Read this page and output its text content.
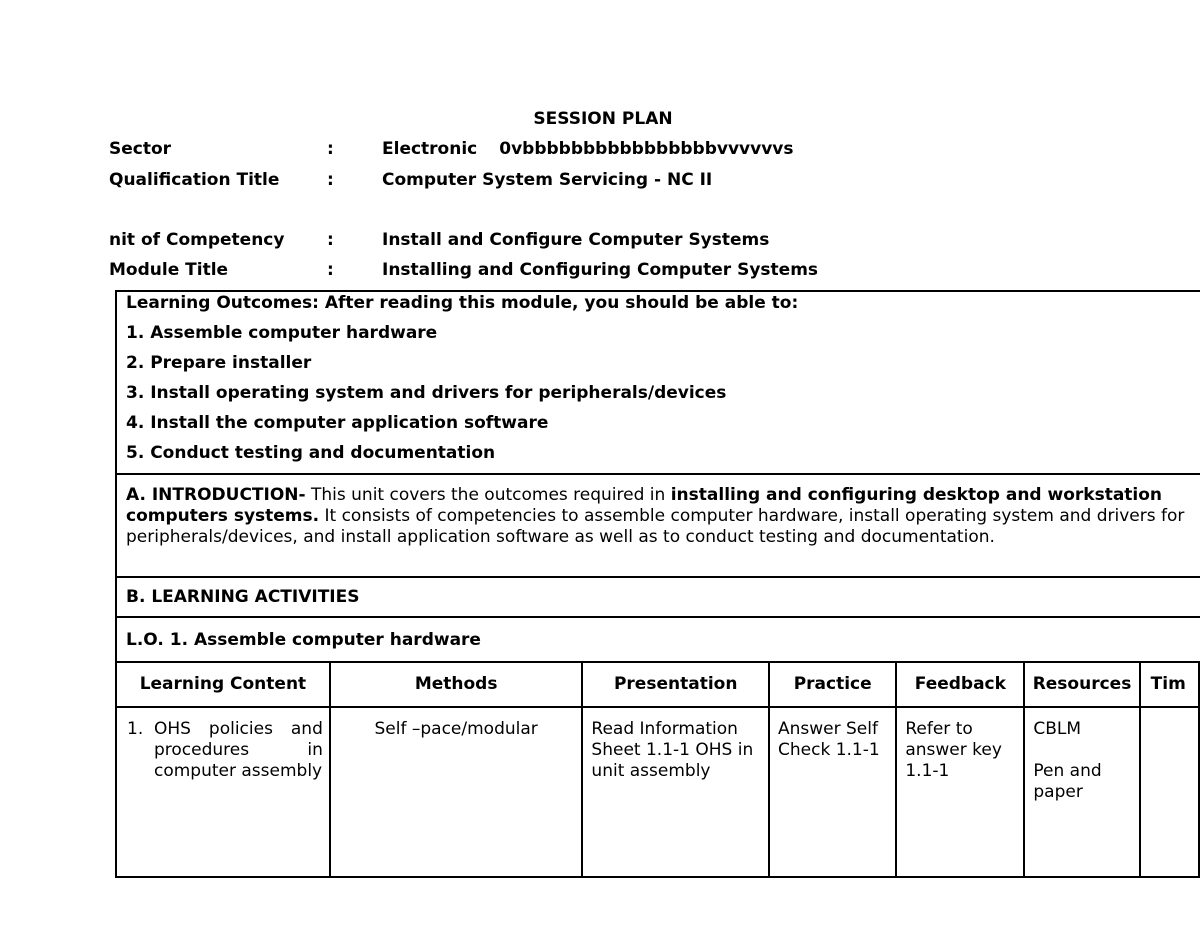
SESSION PLAN
Sector	:	Electronic 0vbbbbbbbbbbbbbbbbvvvvvvs
Qualification Title	:	Computer System Servicing - NC II
nit of Competency	:	Install and Configure Computer Systems
Module Title	:	Installing and Configuring Computer Systems
Learning Outcomes: After reading this module, you should be able to:
1. Assemble computer hardware
2. Prepare installer
3. Install operating system and drivers for peripherals/devices
4. Install the computer application software
5. Conduct testing and documentation
A. INTRODUCTION- This unit covers the outcomes required in installing and configuring desktop and workstation computers systems. It consists of competencies to assemble computer hardware, install operating system and drivers for peripherals/devices, and install application software as well as to conduct testing and documentation.
B. LEARNING ACTIVITIES
L.O. 1. Assemble computer hardware
Learning Content	Methods	Presentation	Practice	Feedback	Resources	Tim

1. OHS policies and procedures in computer assembly	Self –pace/modular	Read Information Sheet 1.1-1 OHS in unit assembly	Answer Self Check 1.1-1	Refer to answer key 1.1-1	CBLM
Pen and paper	
